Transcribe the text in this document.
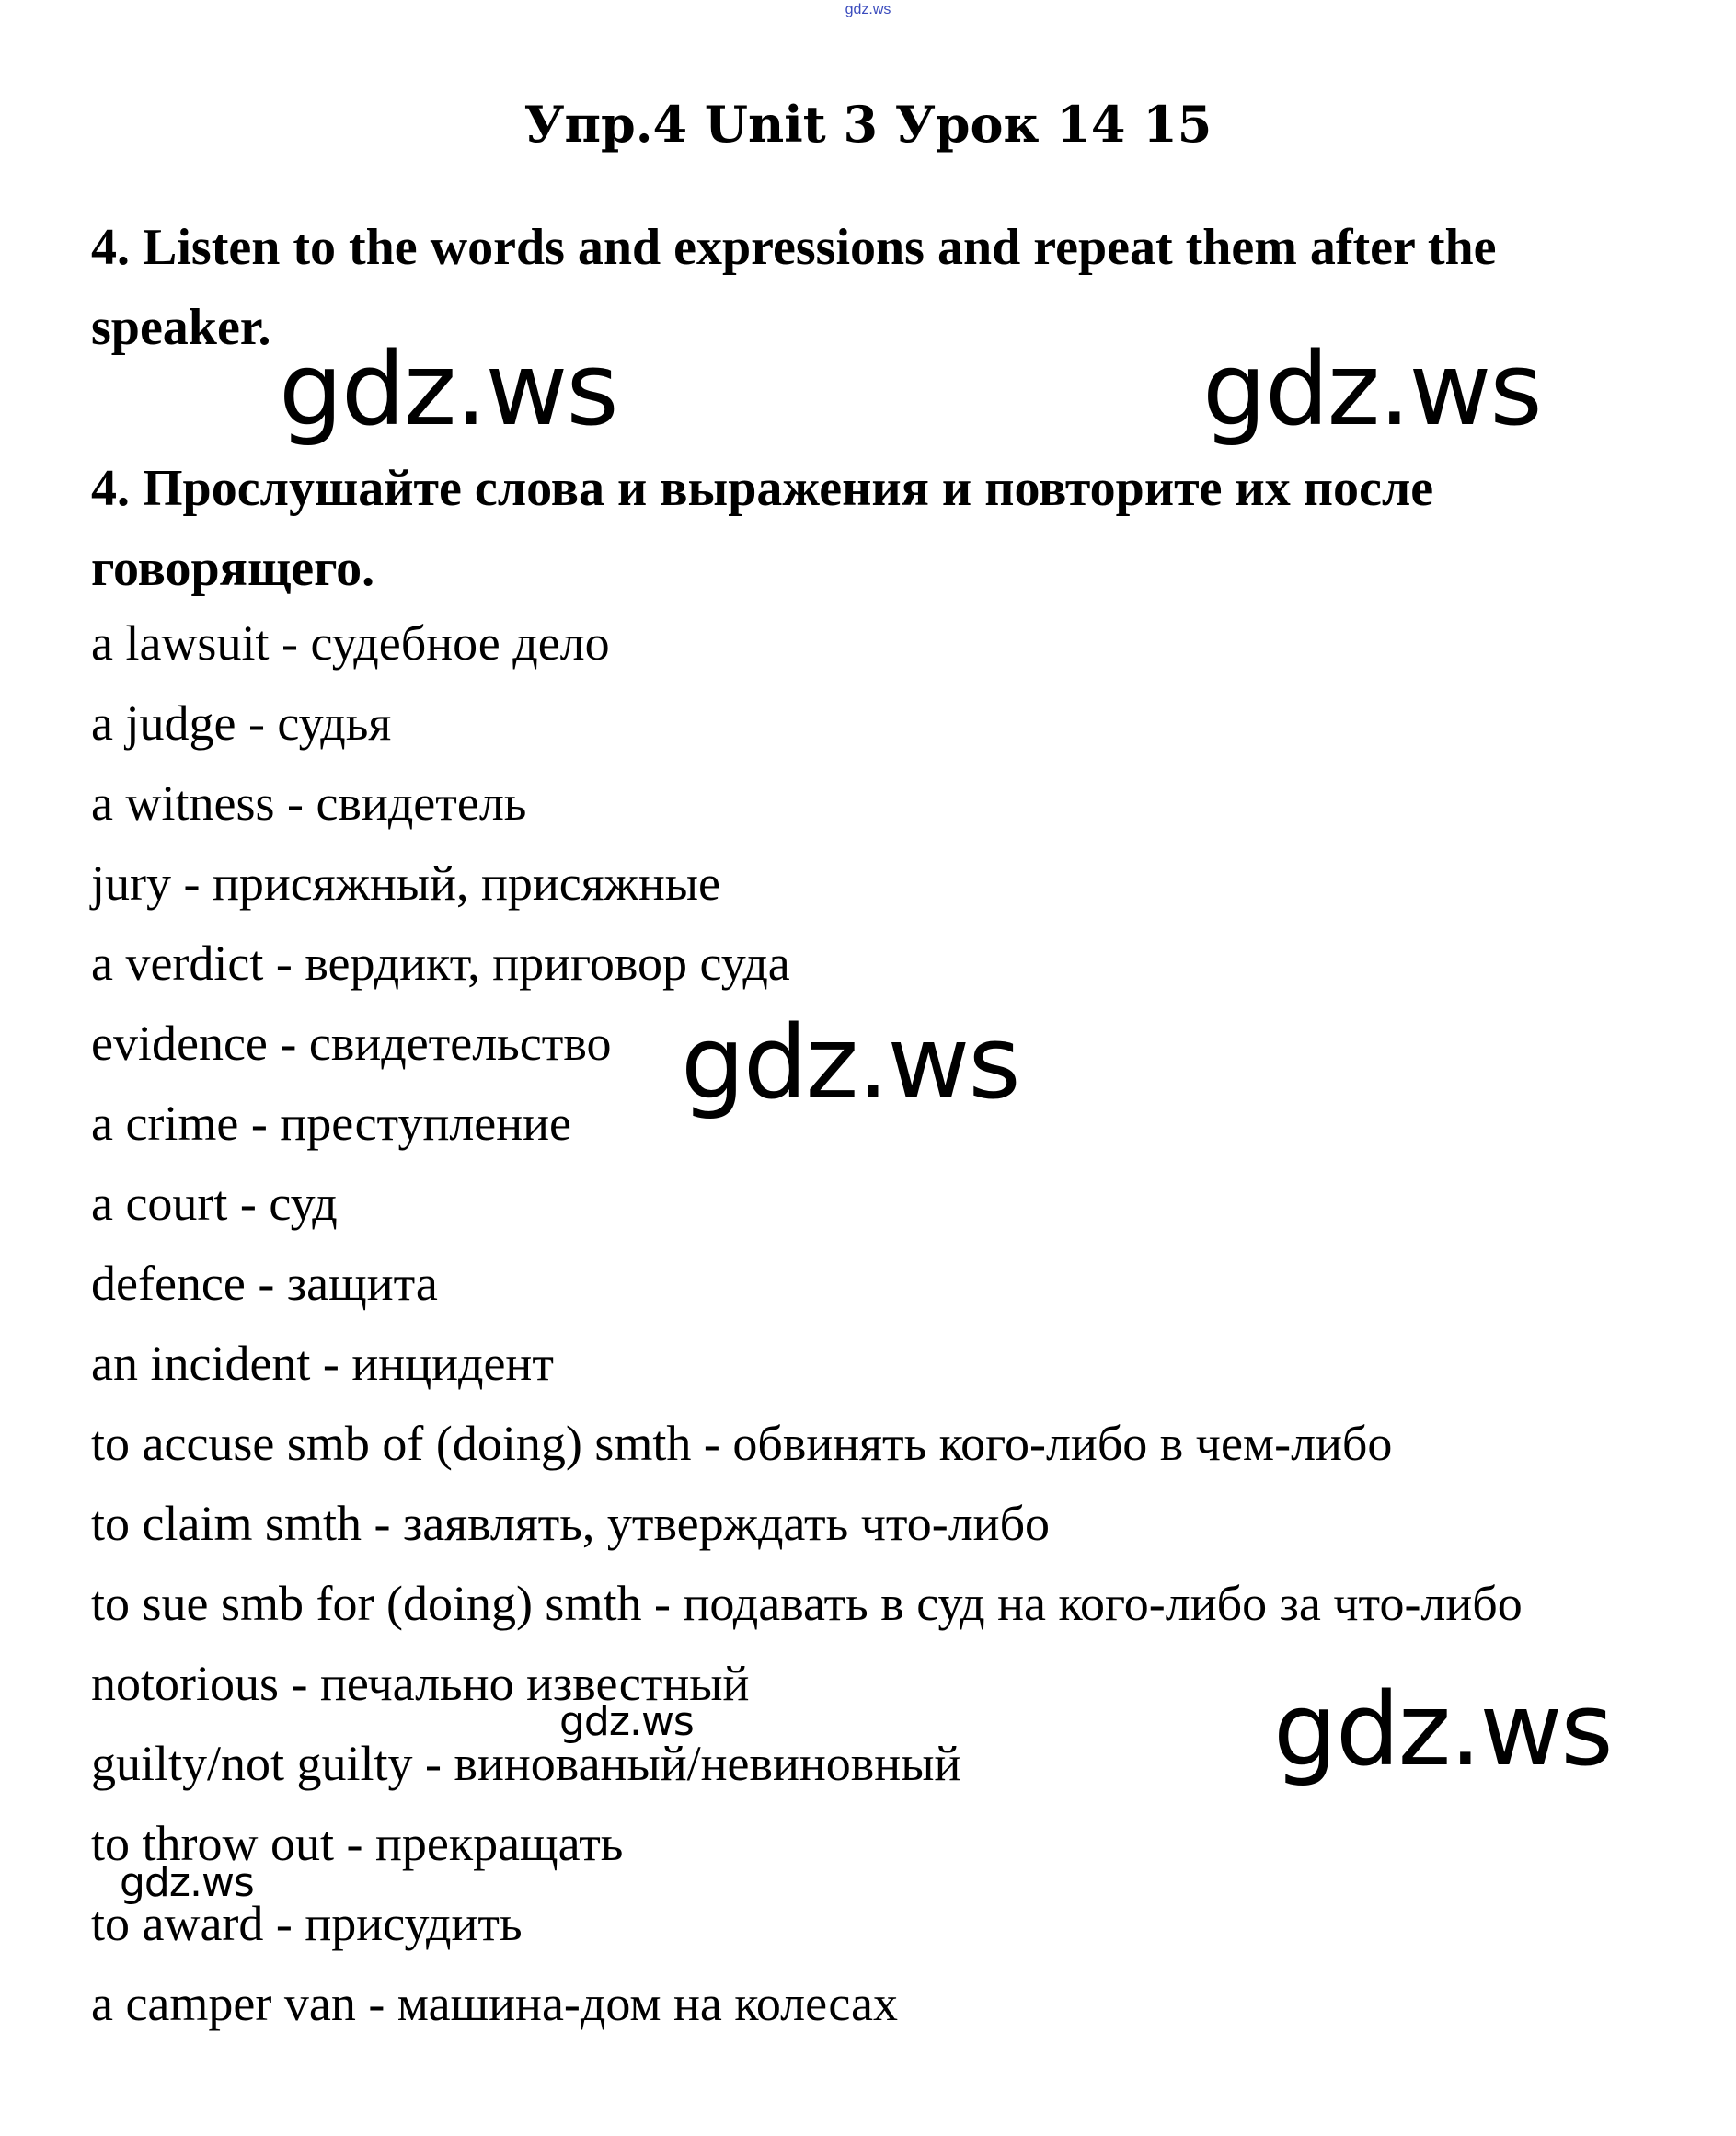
gdz.ws
Упр.4 Unit 3 Урок 14 15
4. Listen to the words and expressions and repeat them after the speaker.
4. Прослушайте слова и выражения и повторите их после говорящего.
a lawsuit - судебное дело
a judge - судья
a witness - свидетель
jury - присяжный, присяжные
a verdict - вердикт, приговор суда
evidence - свидетельство
a crime - преступление
a court - суд
defence - защита
an incident - инцидент
to accuse smb of (doing) smth - обвинять кого-либо в чем-либо
to claim smth - заявлять, утверждать что-либо
to sue smb for (doing) smth - подавать в суд на кого-либо за что-либо
notorious - печально известный
guilty/not guilty - винованый/невиновный
to throw out - прекращать
to award - присудить
a camper van - машина-дом на колесах
gdz.ws	gdz.ws
gdz.ws
gdz.ws
gdz.ws
gdz.ws
